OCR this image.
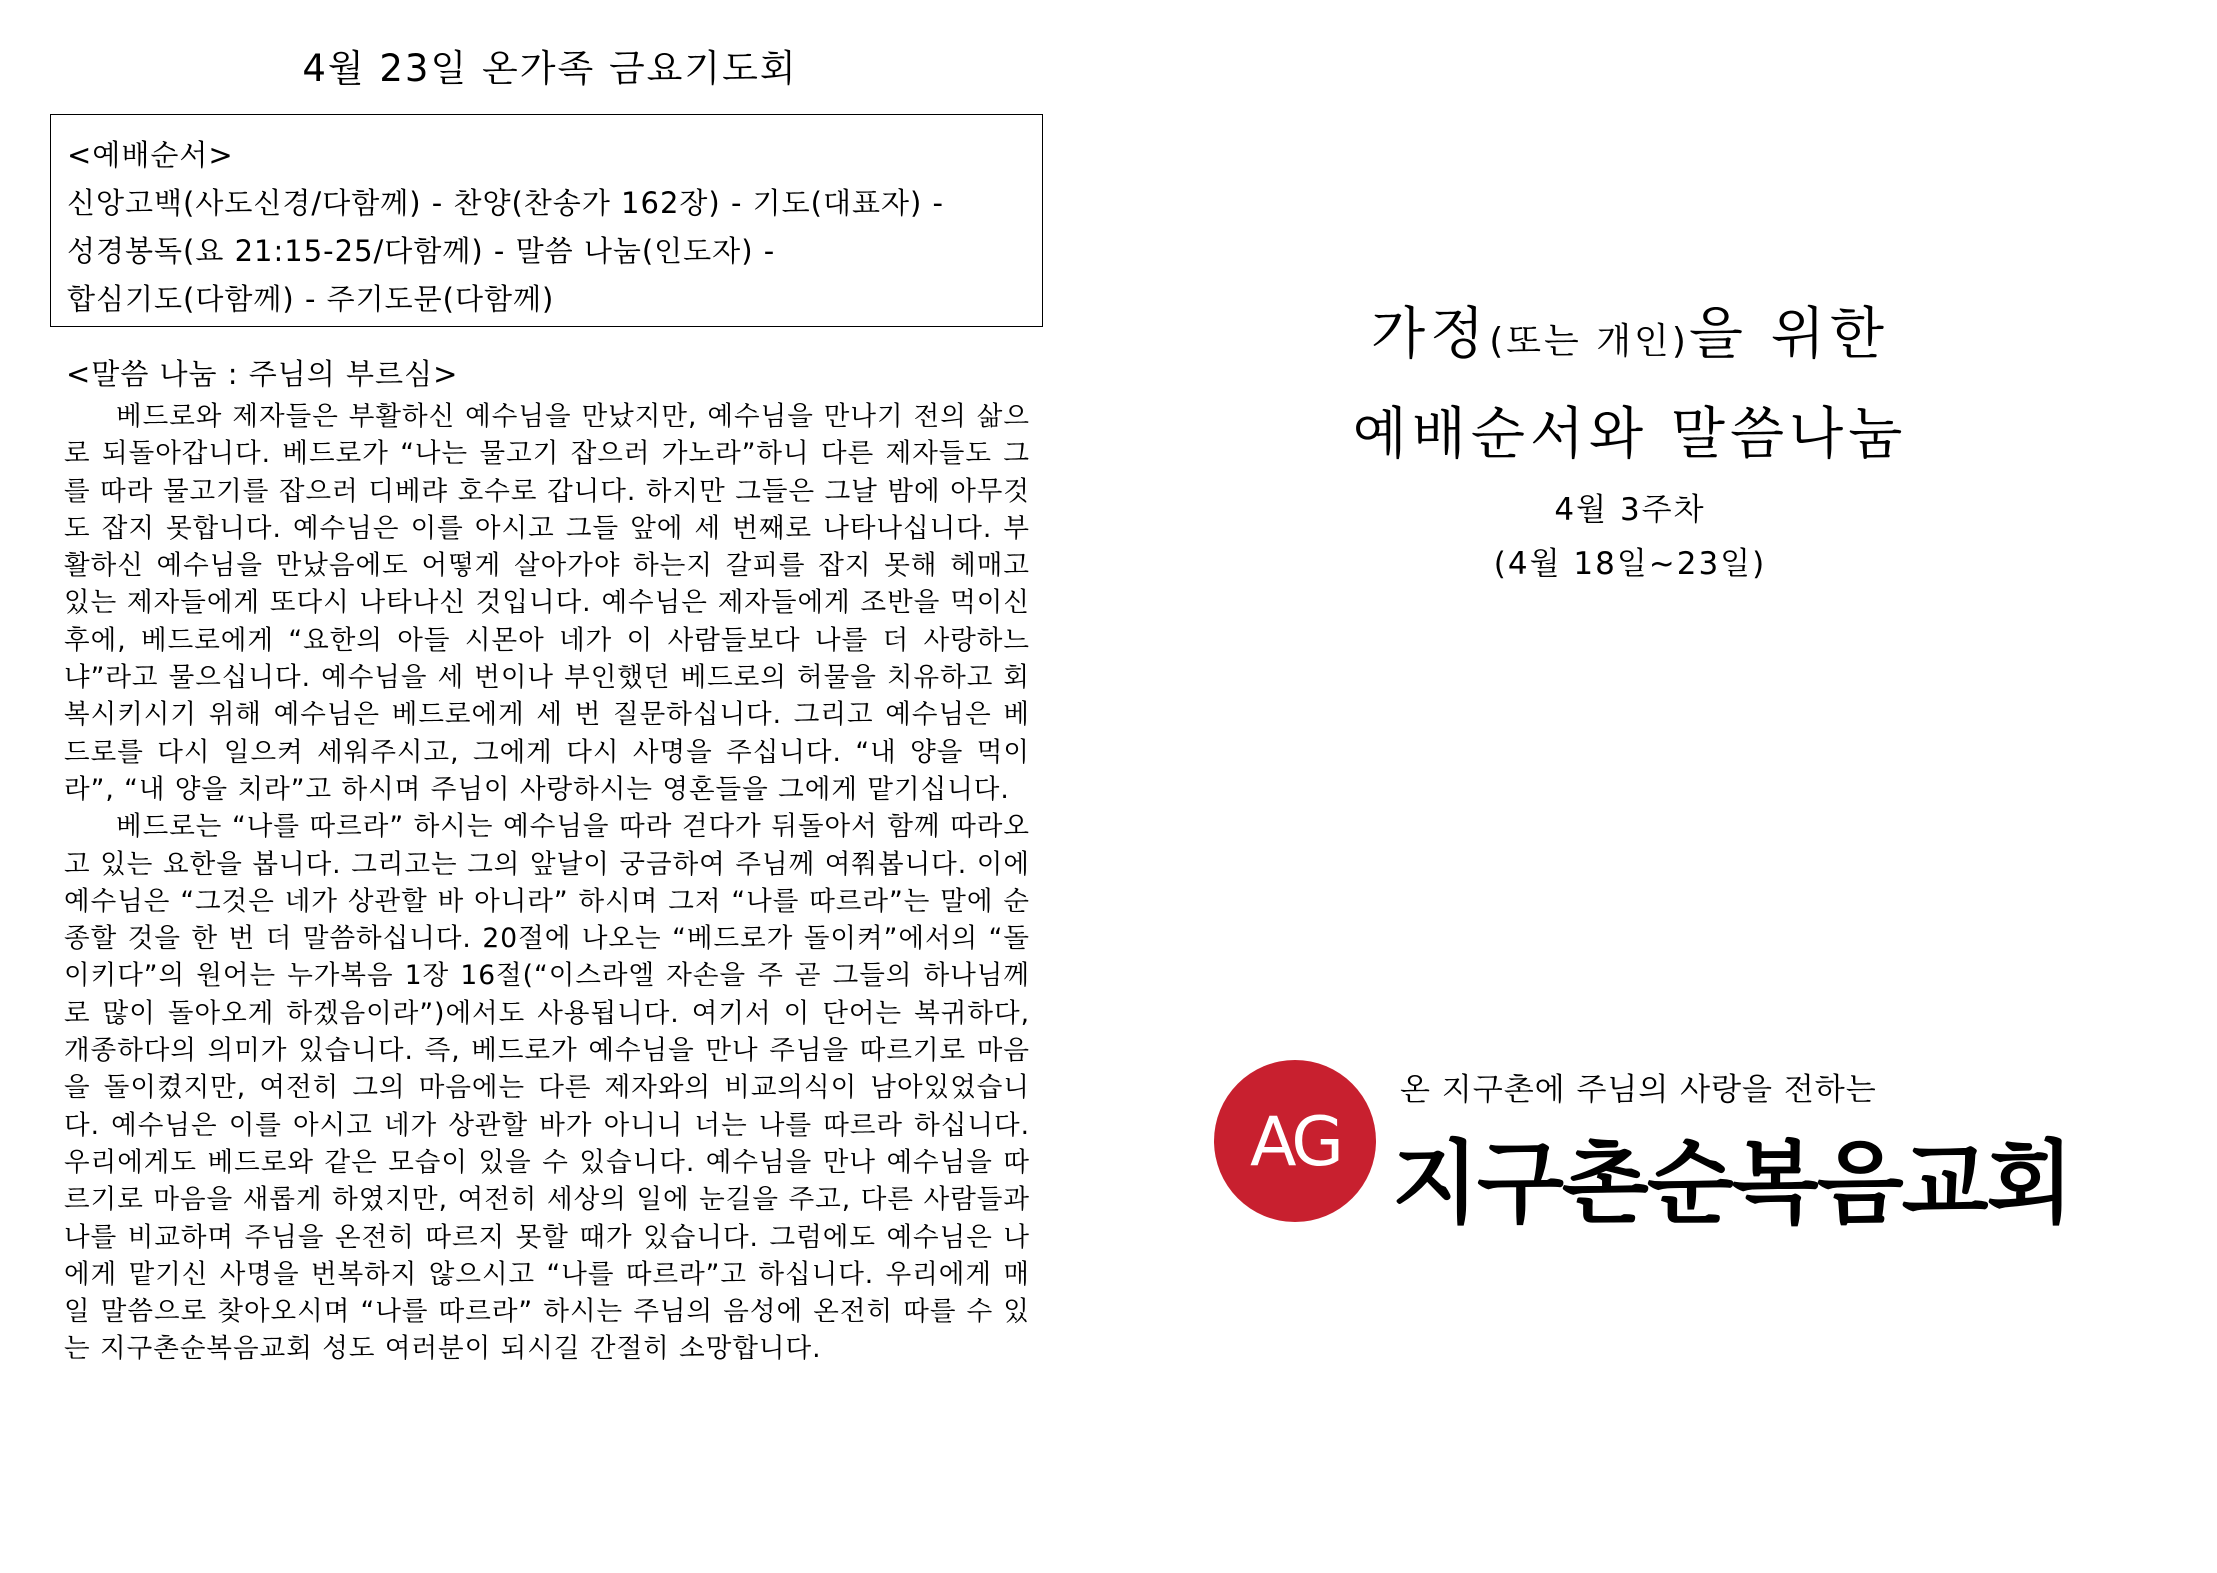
4월 23일 온가족 금요기도회
<예배순서>
신앙고백(사도신경/다함께) - 찬양(찬송가 162장) - 기도(대표자) -
성경봉독(요 21:15-25/다함께) - 말씀 나눔(인도자) -
합심기도(다함께) - 주기도문(다함께)
<말씀 나눔 : 주님의 부르심>

베드로와 제자들은 부활하신 예수님을 만났지만, 예수님을 만나기 전의 삶으로 되돌아갑니다. 베드로가 “나는 물고기 잡으러 가노라”하니 다른 제자들도 그를 따라 물고기를 잡으러 디베랴 호수로 갑니다. 하지만 그들은 그날 밤에 아무것도 잡지 못합니다. 예수님은 이를 아시고 그들 앞에 세 번째로 나타나십니다. 부활하신 예수님을 만났음에도 어떻게 살아가야 하는지 갈피를 잡지 못해 헤매고 있는 제자들에게 또다시 나타나신 것입니다. 예수님은 제자들에게 조반을 먹이신 후에, 베드로에게 “요한의 아들 시몬아 네가 이 사람들보다 나를 더 사랑하느냐”라고 물으십니다. 예수님을 세 번이나 부인했던 베드로의 허물을 치유하고 회복시키시기 위해 예수님은 베드로에게 세 번 질문하십니다. 그리고 예수님은 베드로를 다시 일으켜 세워주시고, 그에게 다시 사명을 주십니다. “내 양을 먹이라”, “내 양을 치라”고 하시며 주님이 사랑하시는 영혼들을 그에게 맡기십니다.

베드로는 “나를 따르라” 하시는 예수님을 따라 걷다가 뒤돌아서 함께 따라오고 있는 요한을 봅니다. 그리고는 그의 앞날이 궁금하여 주님께 여쭤봅니다. 이에 예수님은 “그것은 네가 상관할 바 아니라” 하시며 그저 “나를 따르라”는 말에 순종할 것을 한 번 더 말씀하십니다. 20절에 나오는 “베드로가 돌이켜”에서의 “돌이키다”의 원어는 누가복음 1장 16절(“이스라엘 자손을 주 곧 그들의 하나님께로 많이 돌아오게 하겠음이라”)에서도 사용됩니다. 여기서 이 단어는 복귀하다, 개종하다의 의미가 있습니다. 즉, 베드로가 예수님을 만나 주님을 따르기로 마음을 돌이켰지만, 여전히 그의 마음에는 다른 제자와의 비교의식이 남아있었습니다. 예수님은 이를 아시고 네가 상관할 바가 아니니 너는 나를 따르라 하십니다. 우리에게도 베드로와 같은 모습이 있을 수 있습니다. 예수님을 만나 예수님을 따르기로 마음을 새롭게 하였지만, 여전히 세상의 일에 눈길을 주고, 다른 사람들과 나를 비교하며 주님을 온전히 따르지 못할 때가 있습니다. 그럼에도 예수님은 나에게 맡기신 사명을 번복하지 않으시고 “나를 따르라”고 하십니다. 우리에게 매일 말씀으로 찾아오시며 “나를 따르라” 하시는 주님의 음성에 온전히 따를 수 있는 지구촌순복음교회 성도 여러분이 되시길 간절히 소망합니다.

가정(또는 개인)을 위한
예배순서와 말씀나눔
4월 3주차
(4월 18일~23일)
AG
온 지구촌에 주님의 사랑을 전하는
지구촌순복음교회
